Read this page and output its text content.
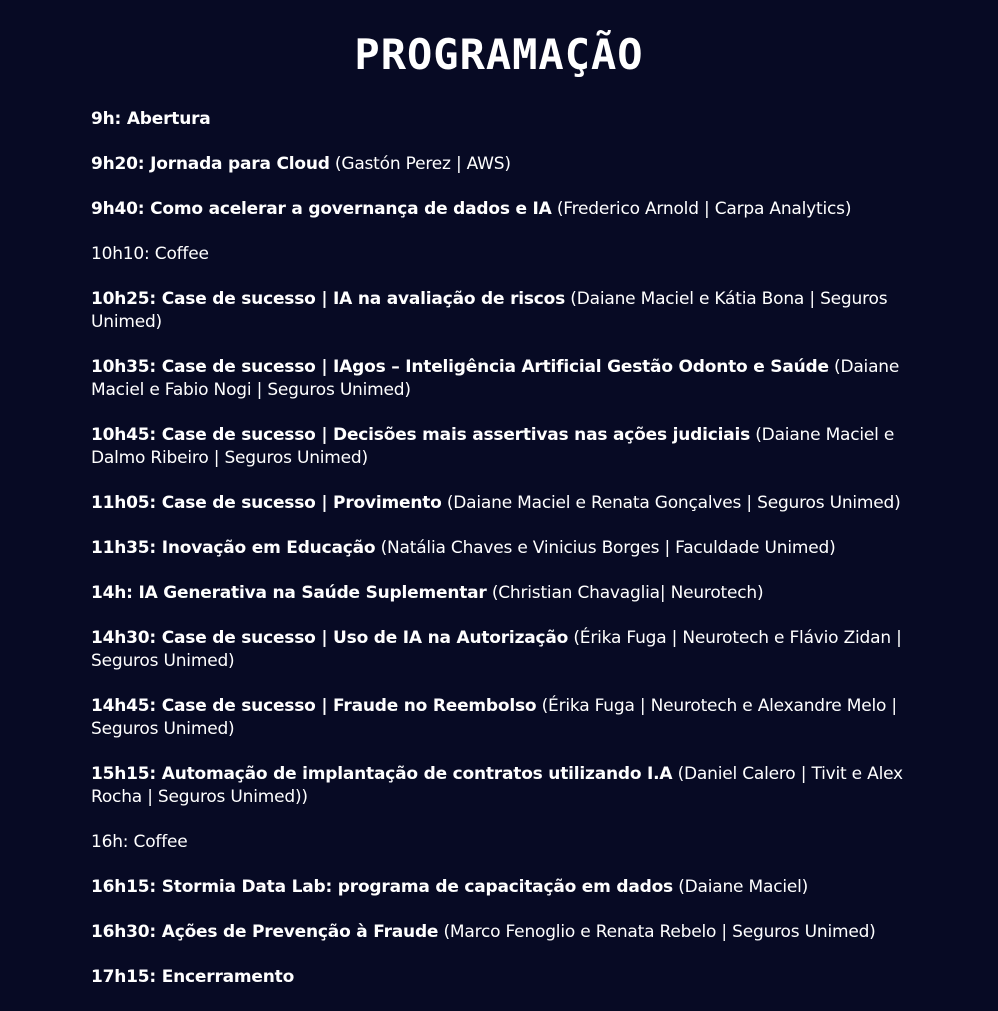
PROGRAMAÇÃO
9h: Abertura
9h20: Jornada para Cloud (Gastón Perez | AWS)
9h40: Como acelerar a governança de dados e IA (Frederico Arnold | Carpa Analytics)
10h10: Coffee
10h25: Case de sucesso | IA na avaliação de riscos (Daiane Maciel e Kátia Bona | Seguros Unimed)
10h35: Case de sucesso | IAgos – Inteligência Artificial Gestão Odonto e Saúde (Daiane Maciel e Fabio Nogi | Seguros Unimed)
10h45: Case de sucesso | Decisões mais assertivas nas ações judiciais (Daiane Maciel e Dalmo Ribeiro | Seguros Unimed)
11h05: Case de sucesso | Provimento (Daiane Maciel e Renata Gonçalves | Seguros Unimed)
11h35: Inovação em Educação (Natália Chaves e Vinicius Borges | Faculdade Unimed)
14h: IA Generativa na Saúde Suplementar (Christian Chavaglia| Neurotech)
14h30: Case de sucesso | Uso de IA na Autorização (Érika Fuga | Neurotech e Flávio Zidan | Seguros Unimed)
14h45: Case de sucesso | Fraude no Reembolso (Érika Fuga | Neurotech e Alexandre Melo | Seguros Unimed)
15h15: Automação de implantação de contratos utilizando I.A (Daniel Calero | Tivit e Alex Rocha | Seguros Unimed))
16h: Coffee
16h15: Stormia Data Lab: programa de capacitação em dados (Daiane Maciel)
16h30: Ações de Prevenção à Fraude (Marco Fenoglio e Renata Rebelo | Seguros Unimed)
17h15: Encerramento
